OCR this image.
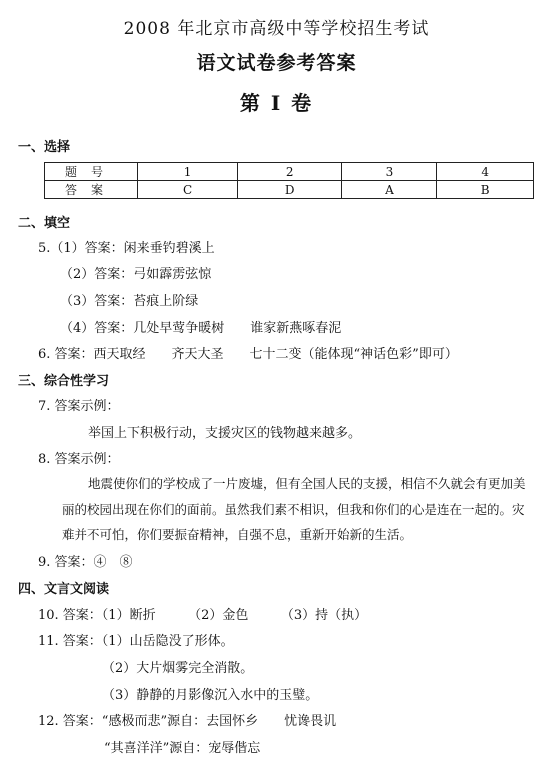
2008 年北京市高级中等学校招生考试
语文试卷参考答案
第 I 卷
一、选择
题号	1	2	3	4
答案	C	D	A	B
二、填空
5.（1）答案：闲来垂钓碧溪上
（2）答案：弓如霹雳弦惊
（3）答案：苔痕上阶绿
（4）答案：几处早莺争暖树　　谁家新燕啄春泥
6. 答案：西天取经　　齐天大圣　　七十二变（能体现“神话色彩”即可）
三、综合性学习
7. 答案示例：
举国上下积极行动，支援灾区的钱物越来越多。
8. 答案示例：
地震使你们的学校成了一片废墟，但有全国人民的支援，相信不久就会有更加美
丽的校园出现在你们的面前。虽然我们素不相识，但我和你们的心是连在一起的。灾
难并不可怕，你们要振奋精神，自强不息，重新开始新的生活。
9. 答案：④　⑧
四、文言文阅读
10. 答案：（1）断折　　　（2）金色　　　（3）持（执）
11. 答案：（1）山岳隐没了形体。
（2）大片烟雾完全消散。
（3）静静的月影像沉入水中的玉璧。
12. 答案：“感极而悲”源自：去国怀乡　　忧谗畏讥
“其喜洋洋”源自：宠辱偕忘
